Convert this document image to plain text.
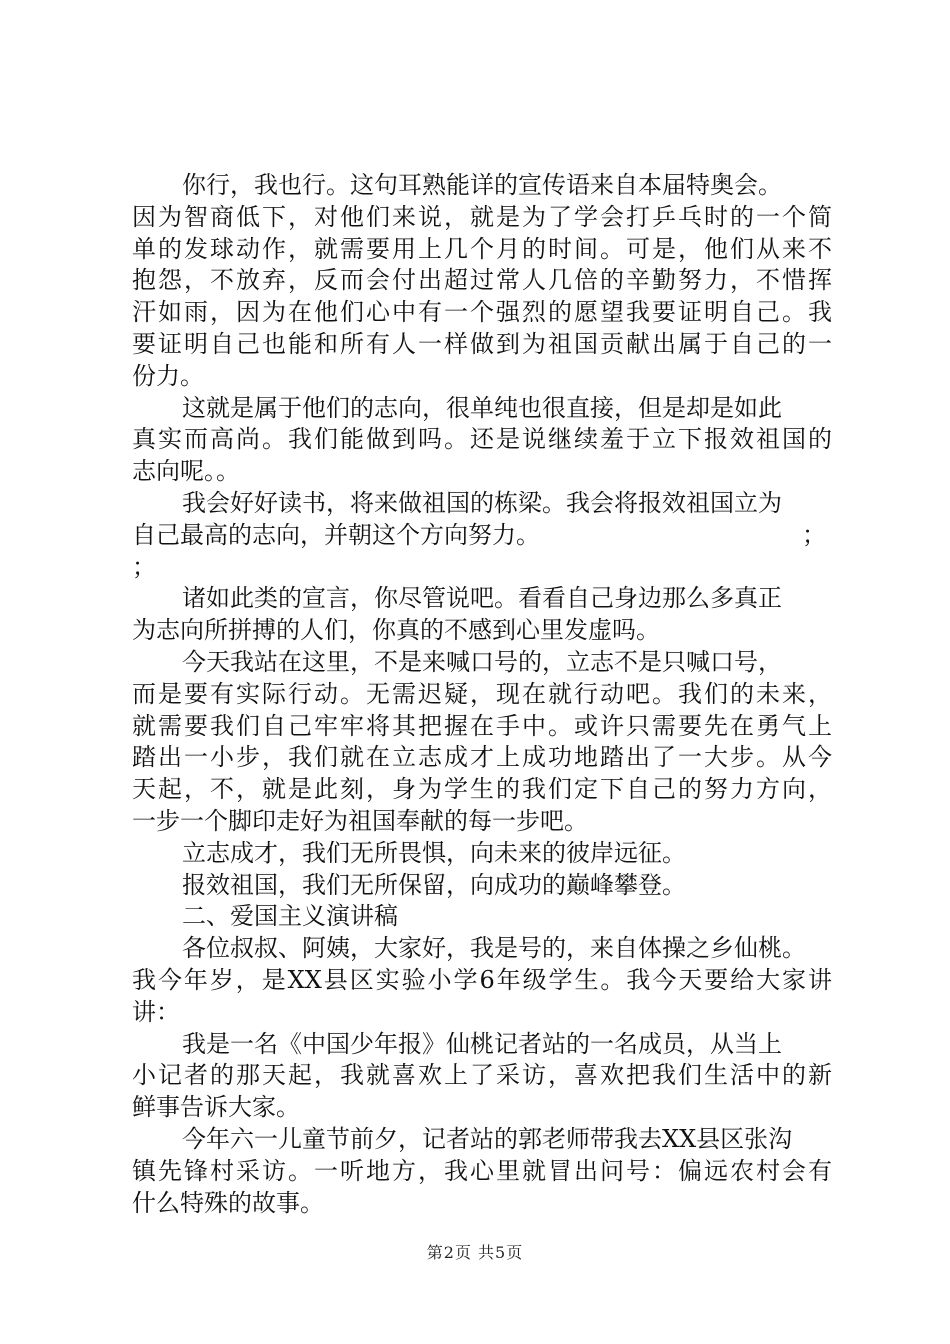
你行，我也行。这句耳熟能详的宣传语来自本届特奥会。
因为智商低下，对他们来说，就是为了学会打乒乓时的一个简
单的发球动作，就需要用上几个月的时间。可是，他们从来不
抱怨，不放弃，反而会付出超过常人几倍的辛勤努力，不惜挥
汗如雨，因为在他们心中有一个强烈的愿望我要证明自己。我
要证明自己也能和所有人一样做到为祖国贡献出属于自己的一
份力。
这就是属于他们的志向，很单纯也很直接，但是却是如此
真实而高尚。我们能做到吗。还是说继续羞于立下报效祖国的
志向呢。。
我会好好读书，将来做祖国的栋梁。我会将报效祖国立为
；
自己最高的志向，并朝这个方向努力。
；
诸如此类的宣言，你尽管说吧。看看自己身边那么多真正
为志向所拼搏的人们，你真的不感到心里发虚吗。
今天我站在这里，不是来喊口号的，立志不是只喊口号，
而是要有实际行动。无需迟疑，现在就行动吧。我们的未来，
就需要我们自己牢牢将其把握在手中。或许只需要先在勇气上
踏出一小步，我们就在立志成才上成功地踏出了一大步。从今
天起，不，就是此刻，身为学生的我们定下自己的努力方向，
一步一个脚印走好为祖国奉献的每一步吧。
立志成才，我们无所畏惧，向未来的彼岸远征。
报效祖国，我们无所保留，向成功的巅峰攀登。
二、爱国主义演讲稿
各位叔叔、阿姨，大家好，我是号的，来自体操之乡仙桃。
我今年岁，是XX县区实验小学6年级学生。我今天要给大家讲
讲：
我是一名《中国少年报》仙桃记者站的一名成员，从当上
小记者的那天起，我就喜欢上了采访，喜欢把我们生活中的新
鲜事告诉大家。
今年六一儿童节前夕，记者站的郭老师带我去XX县区张沟
镇先锋村采访。一听地方，我心里就冒出问号：偏远农村会有
什么特殊的故事。
第2页 共5页
